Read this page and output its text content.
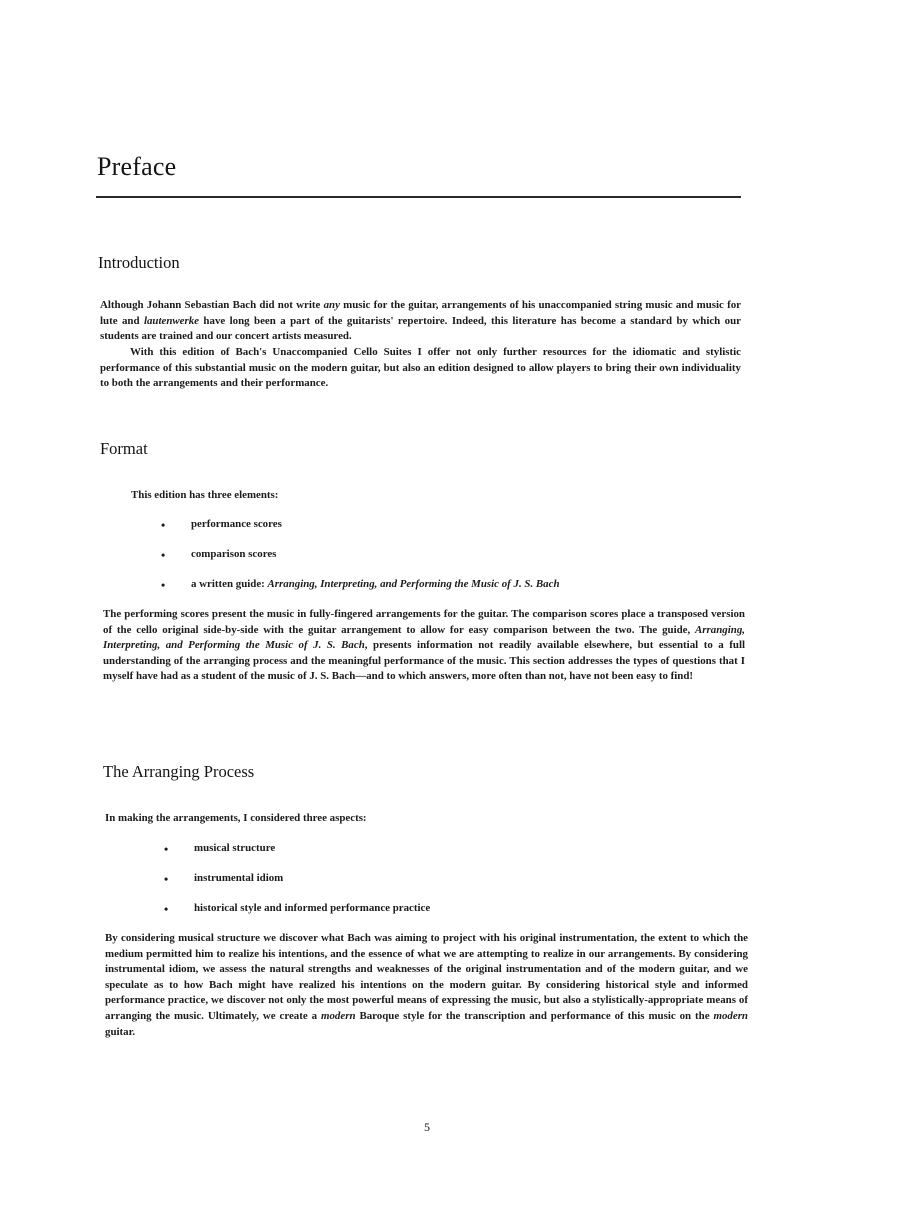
Preface
Introduction

Although Johann Sebastian Bach did not write any music for the guitar, arrangements of his unaccompanied string music and music for lute and lautenwerke have long been a part of the guitarists' repertoire. Indeed, this literature has become a standard by which our students are trained and our concert artists measured.

With this edition of Bach's Unaccompanied Cello Suites I offer not only further resources for the idiomatic and stylistic performance of this substantial music on the modern guitar, but also an edition designed to allow players to bring their own individuality to both the arrangements and their performance.

Format

This edition has three elements:

• performance scores
• comparison scores
• a written guide: Arranging, Interpreting, and Performing the Music of J. S. Bach

The performing scores present the music in fully-fingered arrangements for the guitar. The comparison scores place a transposed version of the cello original side-by-side with the guitar arrangement to allow for easy comparison between the two. The guide, Arranging, Interpreting, and Performing the Music of J. S. Bach, presents information not readily available elsewhere, but essential to a full understanding of the arranging process and the meaningful performance of the music. This section addresses the types of questions that I myself have had as a student of the music of J. S. Bach—and to which answers, more often than not, have not been easy to find!

The Arranging Process

In making the arrangements, I considered three aspects:

• musical structure
• instrumental idiom
• historical style and informed performance practice

By considering musical structure we discover what Bach was aiming to project with his original instrumentation, the extent to which the medium permitted him to realize his intentions, and the essence of what we are attempting to realize in our arrangements. By considering instrumental idiom, we assess the natural strengths and weaknesses of the original instrumentation and of the modern guitar, and we speculate as to how Bach might have realized his intentions on the modern guitar. By considering historical style and informed performance practice, we discover not only the most powerful means of expressing the music, but also a stylistically-appropriate means of arranging the music. Ultimately, we create a modern Baroque style for the transcription and performance of this music on the modern guitar.

5
